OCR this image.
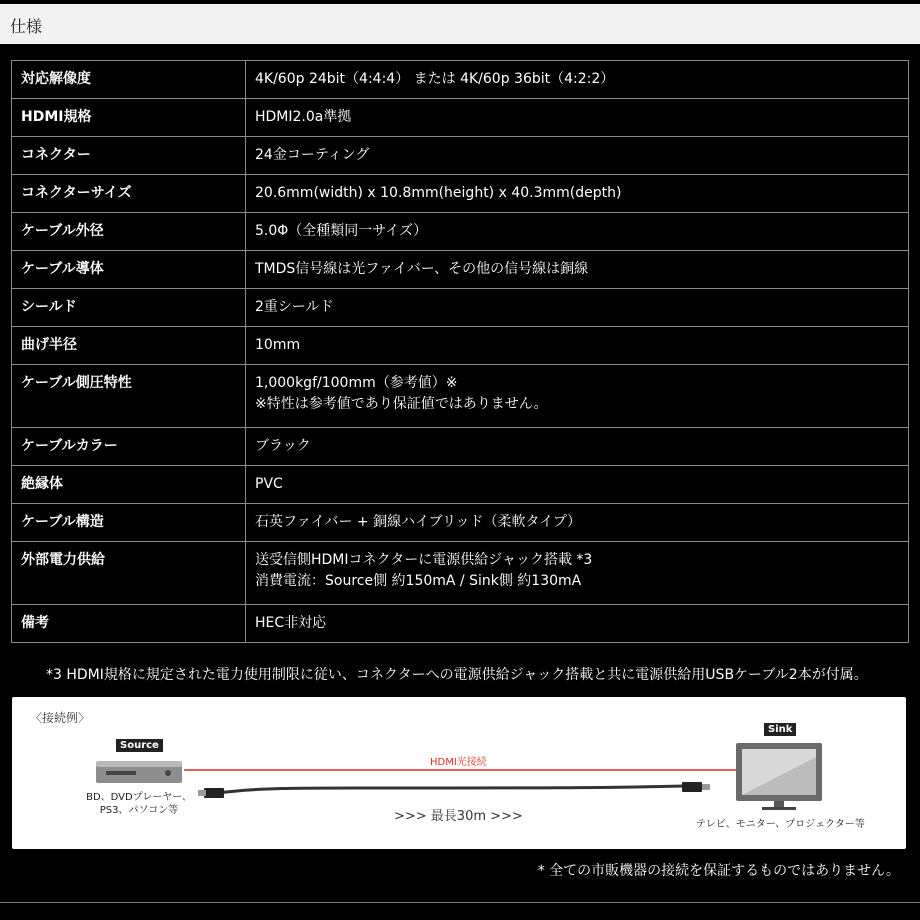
仕様
対応解像度	4K/60p 24bit（4:4:4） または 4K/60p 36bit（4:2:2）

HDMI規格	HDMI2.0a準拠

コネクター	24金コーティング

コネクターサイズ	20.6mm(width) x 10.8mm(height) x 40.3mm(depth)

ケーブル外径	5.0Φ（全種類同一サイズ）

ケーブル導体	TMDS信号線は光ファイバー、その他の信号線は銅線

シールド	2重シールド

曲げ半径	10mm

ケーブル側圧特性	1,000kgf/100mm（参考値）※
※特性は参考値であり保証値ではありません。

ケーブルカラー	ブラック

絶縁体	PVC

ケーブル構造	石英ファイバー + 銅線ハイブリッド（柔軟タイプ）

外部電力供給	送受信側HDMIコネクターに電源供給ジャック搭載 *3
消費電流：Source側 約150mA / Sink側 約130mA

備考	HEC非対応
*3 HDMI規格に規定された電力使用制限に従い、コネクターへの電源供給ジャック搭載と共に電源供給用USBケーブル2本が付属。
〈接続例〉
Source
Sink
HDMI光接続
BD、DVDプレーヤー、
PS3、パソコン等	>>> 最長30m >>>
テレビ、モニター、プロジェクター等
* 全ての市販機器の接続を保証するものではありません。
